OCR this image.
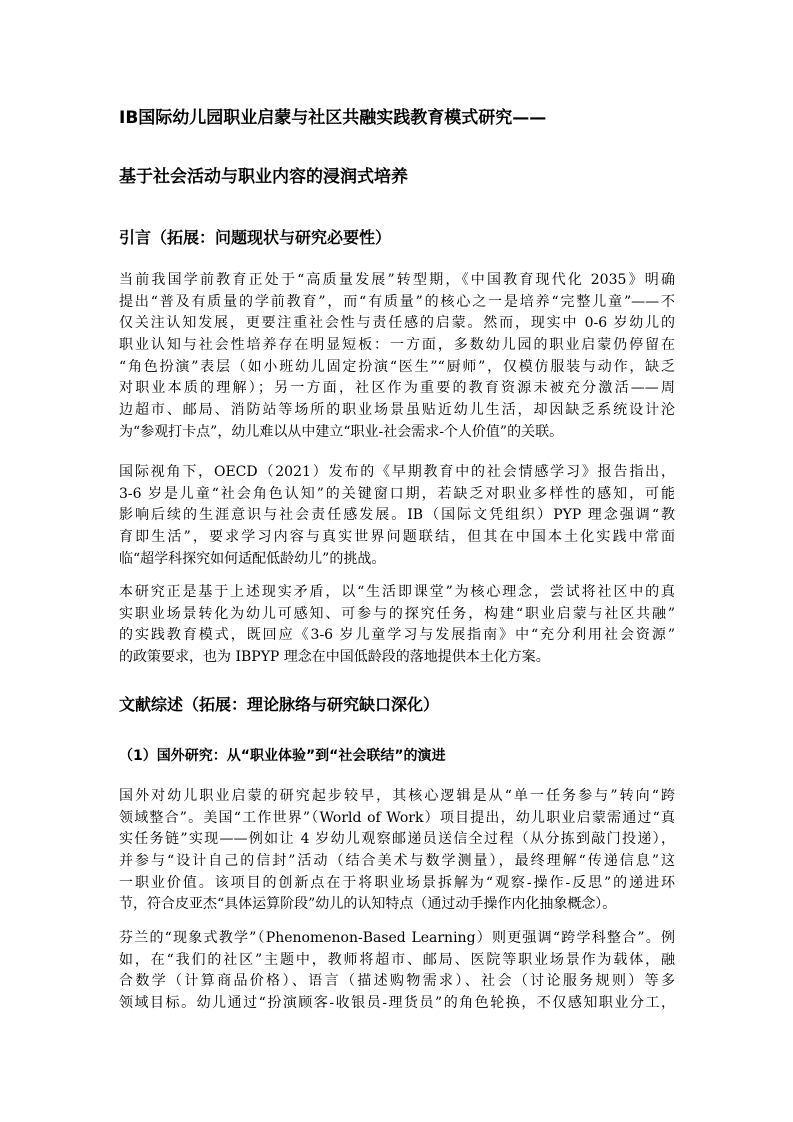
IB国际幼儿园职业启蒙与社区共融实践教育模式研究——
基于社会活动与职业内容的浸润式培养
引言（拓展：问题现状与研究必要性）
当前我国学前教育正处于“高质量发展”转型期，《中国教育现代化 2035》明确
提出“普及有质量的学前教育”，而“有质量”的核心之一是培养“完整儿童”——不
仅关注认知发展，更要注重社会性与责任感的启蒙。然而，现实中 0-6 岁幼儿的
职业认知与社会性培养存在明显短板：一方面，多数幼儿园的职业启蒙仍停留在
“角色扮演”表层（如小班幼儿固定扮演“医生”“厨师”，仅模仿服装与动作，缺乏
对职业本质的理解）；另一方面，社区作为重要的教育资源未被充分激活——周
边超市、邮局、消防站等场所的职业场景虽贴近幼儿生活，却因缺乏系统设计沦
为“参观打卡点”，幼儿难以从中建立“职业-社会需求-个人价值”的关联。
国际视角下，OECD（2021）发布的《早期教育中的社会情感学习》报告指出，
3-6 岁是儿童“社会角色认知”的关键窗口期，若缺乏对职业多样性的感知，可能
影响后续的生涯意识与社会责任感发展。IB（国际文凭组织）PYP 理念强调“教
育即生活”，要求学习内容与真实世界问题联结，但其在中国本土化实践中常面
临“超学科探究如何适配低龄幼儿”的挑战。
本研究正是基于上述现实矛盾，以“生活即课堂”为核心理念，尝试将社区中的真
实职业场景转化为幼儿可感知、可参与的探究任务，构建“职业启蒙与社区共融”
的实践教育模式，既回应《3-6 岁儿童学习与发展指南》中“充分利用社会资源”
的政策要求，也为 IBPYP 理念在中国低龄段的落地提供本土化方案。
文献综述（拓展：理论脉络与研究缺口深化）
（1）国外研究：从“职业体验”到“社会联结”的演进
国外对幼儿职业启蒙的研究起步较早，其核心逻辑是从“单一任务参与”转向“跨
领域整合”。美国“工作世界”（World of Work）项目提出，幼儿职业启蒙需通过“真
实任务链”实现——例如让 4 岁幼儿观察邮递员送信全过程（从分拣到敲门投递），
并参与“设计自己的信封”活动（结合美术与数学测量），最终理解“传递信息”这
一职业价值。该项目的创新点在于将职业场景拆解为“观察-操作-反思”的递进环
节，符合皮亚杰“具体运算阶段”幼儿的认知特点（通过动手操作内化抽象概念）。
芬兰的“现象式教学”（Phenomenon-Based Learning）则更强调“跨学科整合”。例
如，在“我们的社区”主题中，教师将超市、邮局、医院等职业场景作为载体，融
合数学（计算商品价格）、语言（描述购物需求）、社会（讨论服务规则）等多
领域目标。幼儿通过“扮演顾客-收银员-理货员”的角色轮换，不仅感知职业分工，
